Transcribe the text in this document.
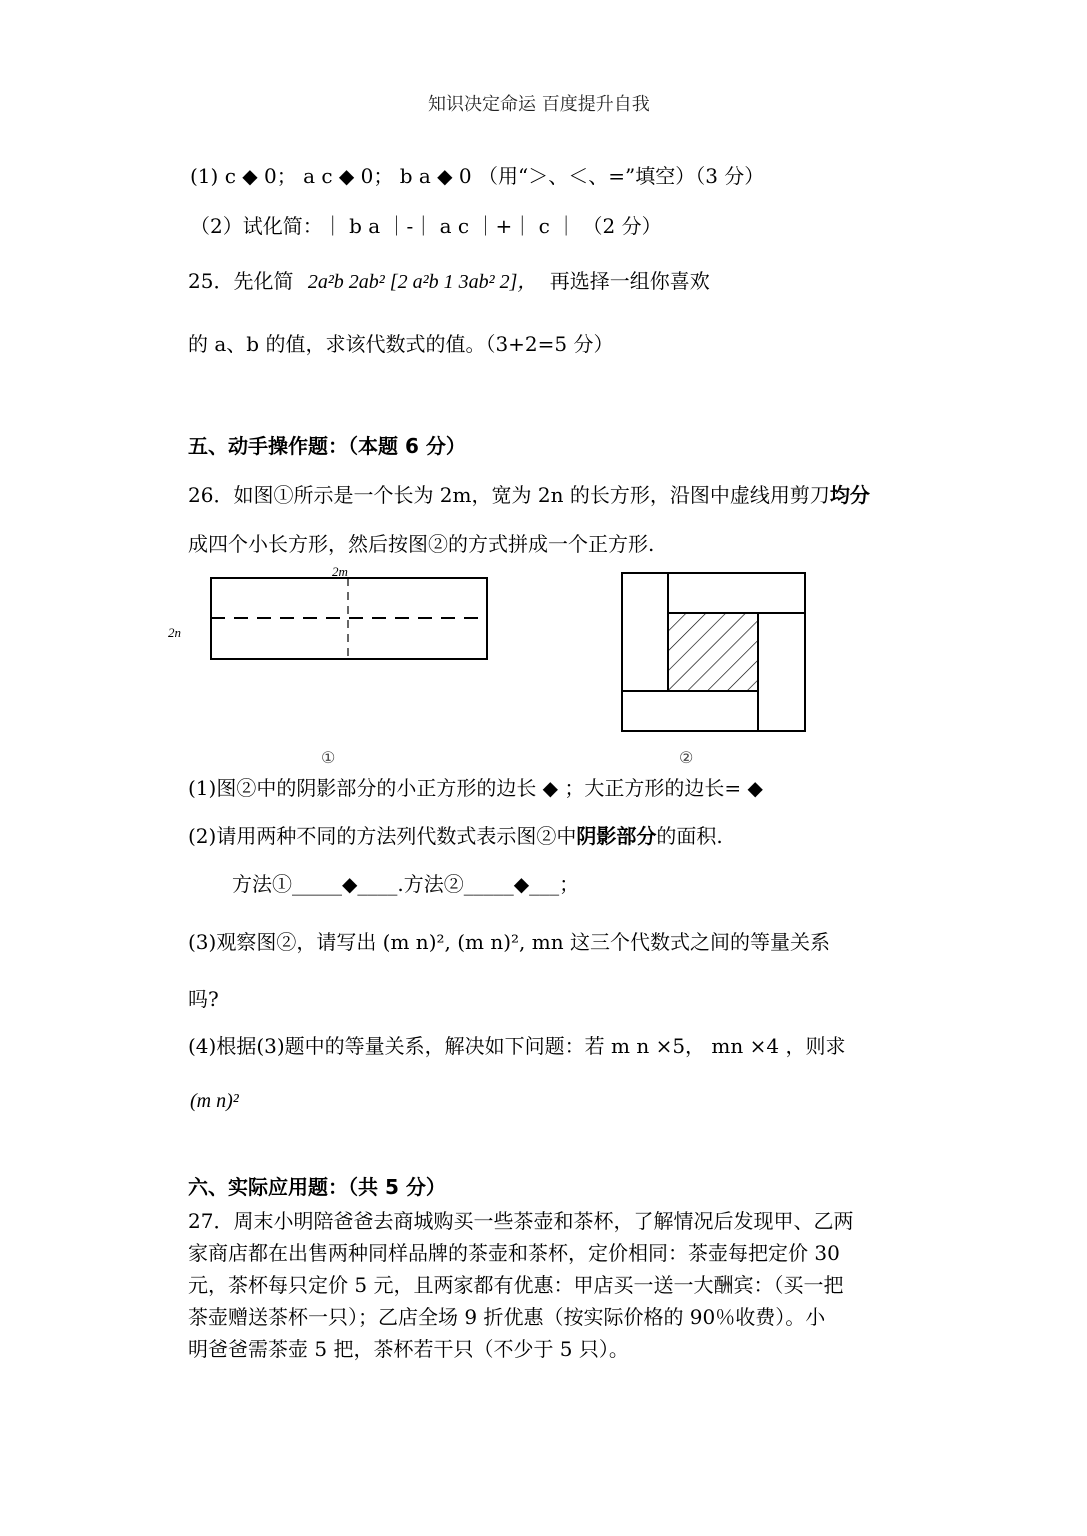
知识决定命运 百度提升自我
(1) c ◆ 0； a c ◆ 0； b a ◆ 0 （用“＞、＜、=”填空）（3 分）
（2）试化简：｜ b a ｜-｜ a c ｜+｜ c ｜ （2 分）
25．先化简 2a²b 2ab² [2 a²b 1 3ab² 2]， 再选择一组你喜欢
的 a、b 的值，求该代数式的值。（3+2=5 分）
五、动手操作题：（本题 6 分）
26．如图①所示是一个长为 2m，宽为 2n 的长方形，沿图中虚线用剪刀均分
成四个小长方形，然后按图②的方式拼成一个正方形.
2m
2n
①	②
(1)图②中的阴影部分的小正方形的边长 ◆ ；大正方形的边长= ◆
(2)请用两种不同的方法列代数式表示图②中阴影部分的面积.
方法①_____◆____.方法②_____◆___；
(3)观察图②，请写出 (m n)², (m n)², mn 这三个代数式之间的等量关系
吗?
(4)根据(3)题中的等量关系，解决如下问题：若 m n ×5， mn ×4 ，则求
(m n)²
六、实际应用题：（共 5 分）
27．周末小明陪爸爸去商城购买一些茶壶和茶杯，了解情况后发现甲、乙两
家商店都在出售两种同样品牌的茶壶和茶杯，定价相同：茶壶每把定价 30
元，茶杯每只定价 5 元，且两家都有优惠：甲店买一送一大酬宾：（买一把
茶壶赠送茶杯一只）；乙店全场 9 折优惠（按实际价格的 90％收费）。小
明爸爸需茶壶 5 把，茶杯若干只（不少于 5 只）。
